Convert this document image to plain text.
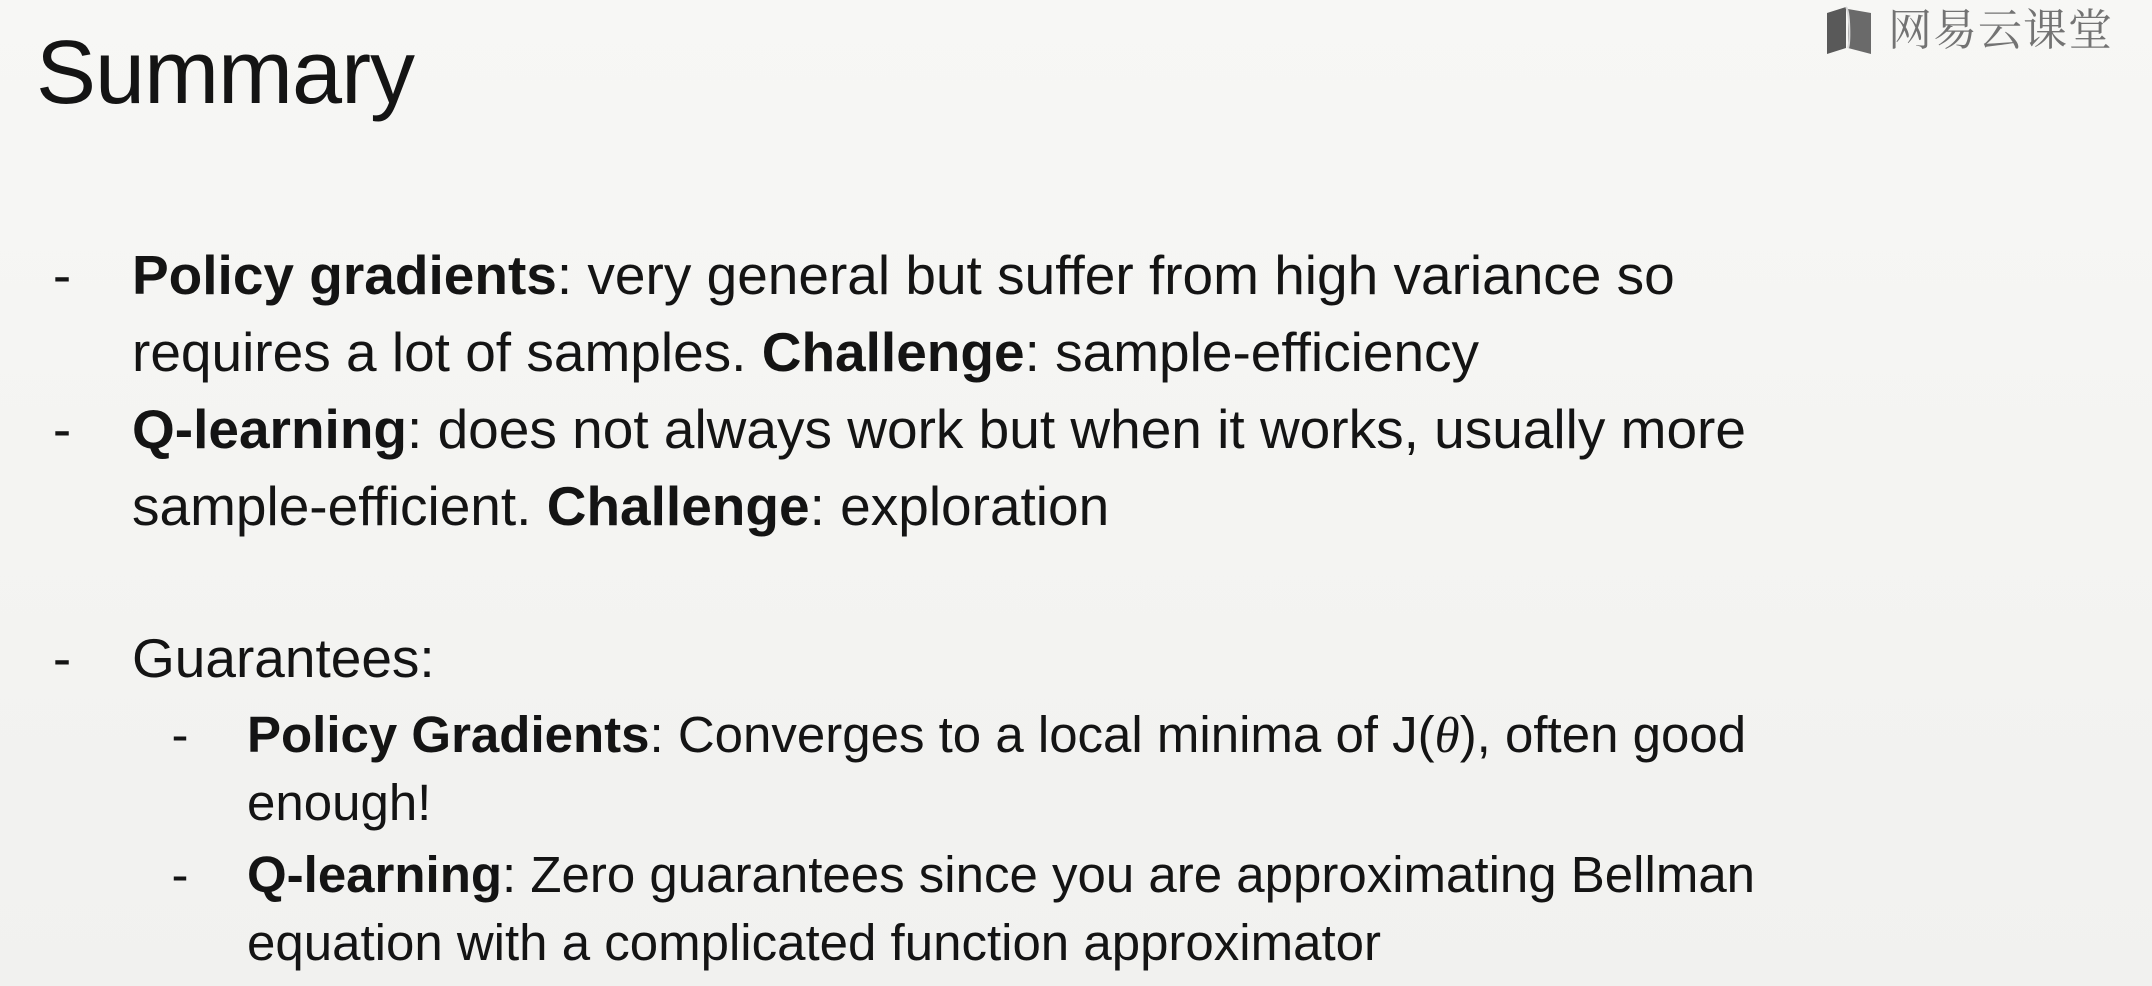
Summary	网易云课堂
- Policy gradients: very general but suffer from high variance so
requires a lot of samples. Challenge: sample-efficiency
- Q-learning: does not always work but when it works, usually more
sample-efficient. Challenge: exploration
- Guarantees:
- Policy Gradients: Converges to a local minima of J(θ), often good
enough!
- Q-learning: Zero guarantees since you are approximating Bellman
equation with a complicated function approximator
